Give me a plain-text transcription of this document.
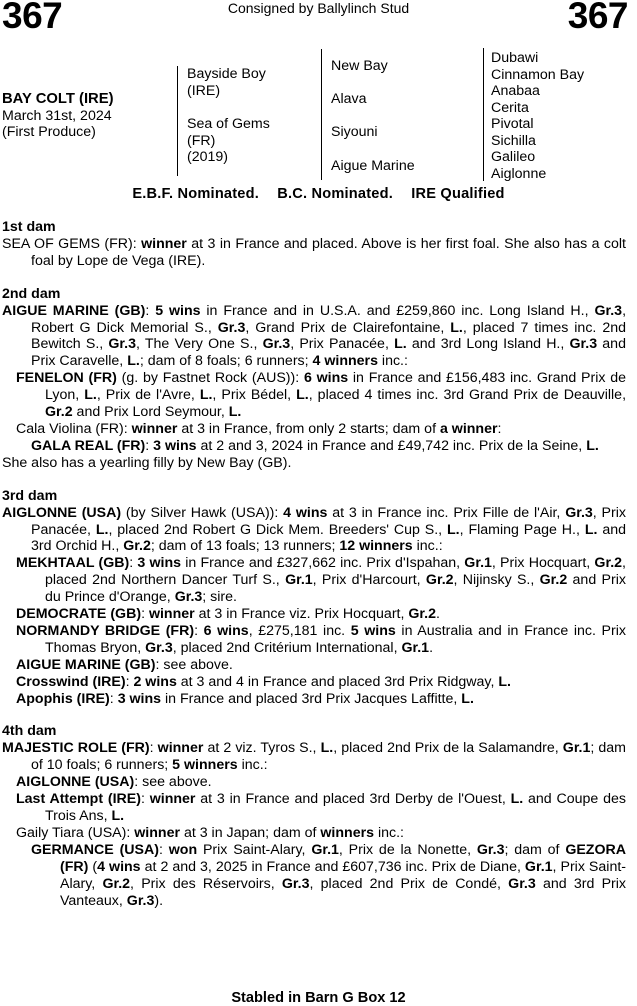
367	Consigned by Ballylinch Stud	367
BAY COLT (IRE)
March 31st, 2024
(First Produce)
Bayside Boy
(IRE)
Sea of Gems
(FR)
(2019)
New Bay
Alava
Siyouni
Aigue Marine
Dubawi
Cinnamon Bay
Anabaa
Cerita
Pivotal
Sichilla
Galileo
Aiglonne
E.B.F. Nominated. B.C. Nominated. IRE Qualified

1st dam

SEA OF GEMS (FR): winner at 3 in France and placed. Above is her first foal. She also has a colt foal by Lope de Vega (IRE).

2nd dam

AIGUE MARINE (GB): 5 wins in France and in U.S.A. and £259,860 inc. Long Island H., Gr.3, Robert G Dick Memorial S., Gr.3, Grand Prix de Clairefontaine, L., placed 7 times inc. 2nd Bewitch S., Gr.3, The Very One S., Gr.3, Prix Panacée, L. and 3rd Long Island H., Gr.3 and Prix Caravelle, L.; dam of 8 foals; 6 runners; 4 winners inc.:

FENELON (FR) (g. by Fastnet Rock (AUS)): 6 wins in France and £156,483 inc. Grand Prix de Lyon, L., Prix de l'Avre, L., Prix Bédel, L., placed 4 times inc. 3rd Grand Prix de Deauville, Gr.2 and Prix Lord Seymour, L.

Cala Violina (FR): winner at 3 in France, from only 2 starts; dam of a winner:

GALA REAL (FR): 3 wins at 2 and 3, 2024 in France and £49,742 inc. Prix de la Seine, L.

She also has a yearling filly by New Bay (GB).

3rd dam

AIGLONNE (USA) (by Silver Hawk (USA)): 4 wins at 3 in France inc. Prix Fille de l'Air, Gr.3, Prix Panacée, L., placed 2nd Robert G Dick Mem. Breeders' Cup S., L., Flaming Page H., L. and 3rd Orchid H., Gr.2; dam of 13 foals; 13 runners; 12 winners inc.:

MEKHTAAL (GB): 3 wins in France and £327,662 inc. Prix d'Ispahan, Gr.1, Prix Hocquart, Gr.2, placed 2nd Northern Dancer Turf S., Gr.1, Prix d'Harcourt, Gr.2, Nijinsky S., Gr.2 and Prix du Prince d'Orange, Gr.3; sire.

DEMOCRATE (GB): winner at 3 in France viz. Prix Hocquart, Gr.2.

NORMANDY BRIDGE (FR): 6 wins, £275,181 inc. 5 wins in Australia and in France inc. Prix Thomas Bryon, Gr.3, placed 2nd Critérium International, Gr.1.

AIGUE MARINE (GB): see above.

Crosswind (IRE): 2 wins at 3 and 4 in France and placed 3rd Prix Ridgway, L.

Apophis (IRE): 3 wins in France and placed 3rd Prix Jacques Laffitte, L.

4th dam

MAJESTIC ROLE (FR): winner at 2 viz. Tyros S., L., placed 2nd Prix de la Salamandre, Gr.1; dam of 10 foals; 6 runners; 5 winners inc.:

AIGLONNE (USA): see above.

Last Attempt (IRE): winner at 3 in France and placed 3rd Derby de l'Ouest, L. and Coupe des Trois Ans, L.

Gaily Tiara (USA): winner at 3 in Japan; dam of winners inc.:

GERMANCE (USA): won Prix Saint-Alary, Gr.1, Prix de la Nonette, Gr.3; dam of GEZORA (FR) (4 wins at 2 and 3, 2025 in France and £607,736 inc. Prix de Diane, Gr.1, Prix Saint-Alary, Gr.2, Prix des Réservoirs, Gr.3, placed 2nd Prix de Condé, Gr.3 and 3rd Prix Vanteaux, Gr.3).

Stabled in Barn G Box 12
